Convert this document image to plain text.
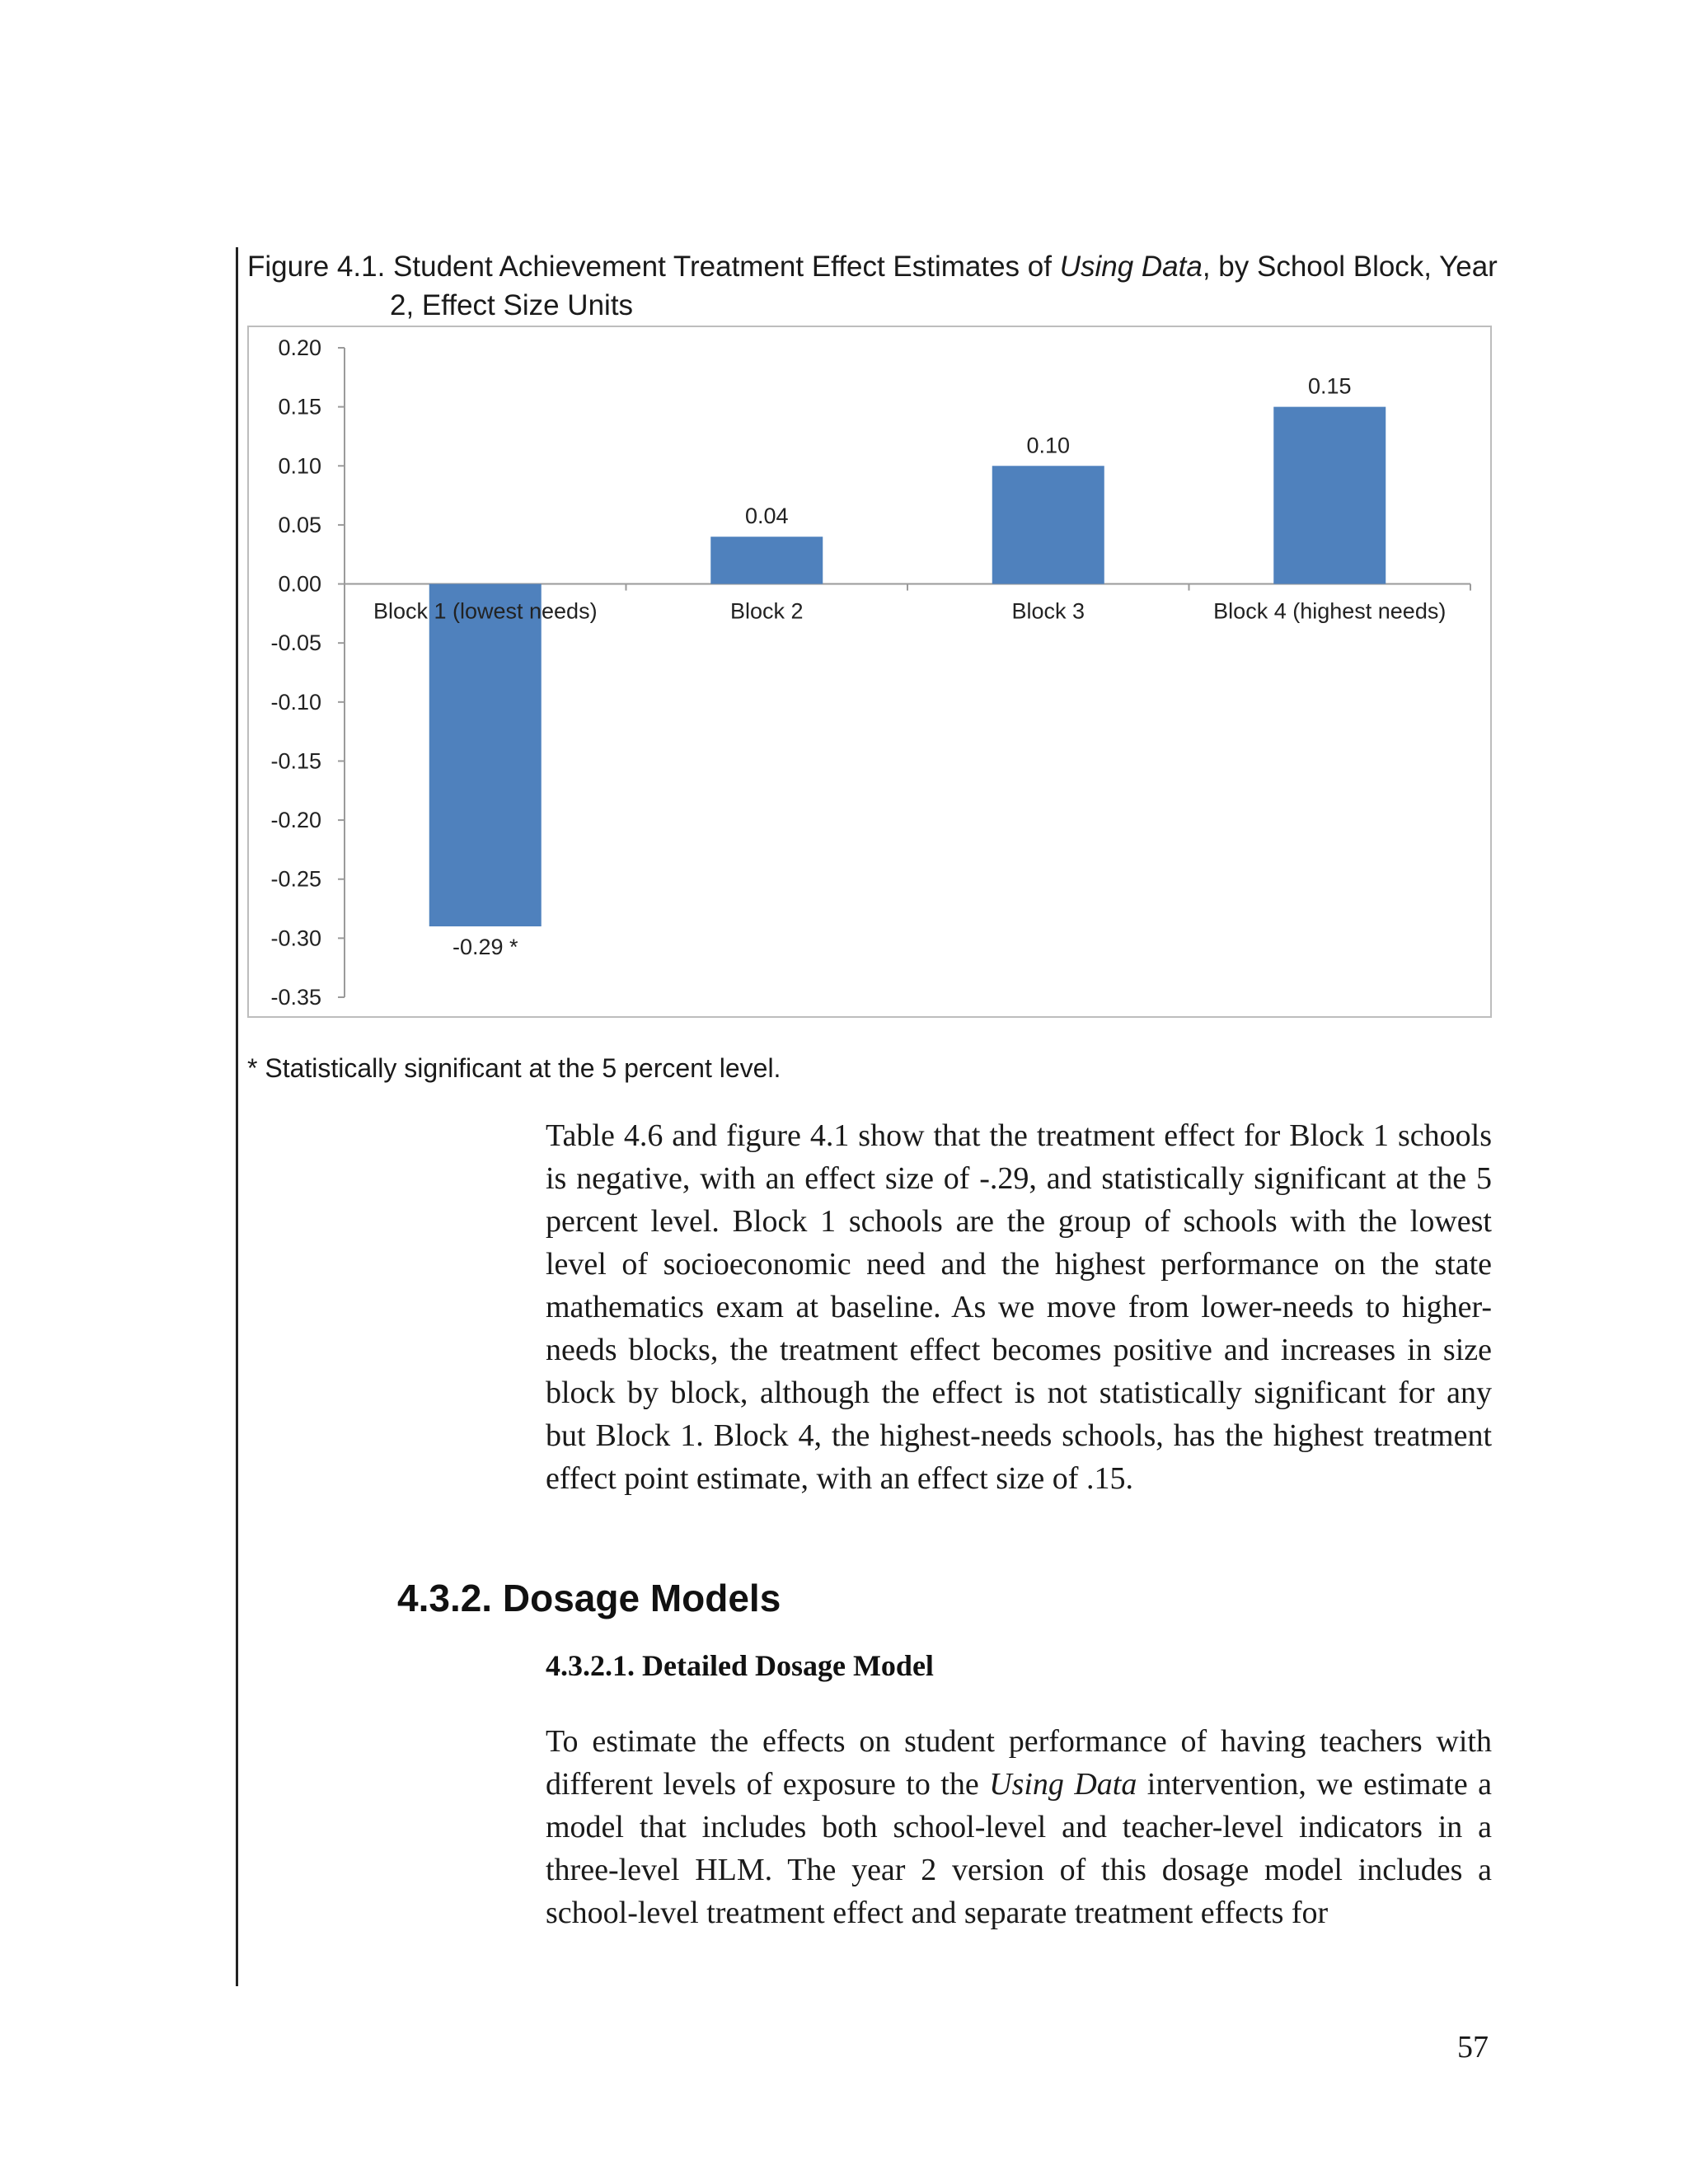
Figure 4.1. Student Achievement Treatment Effect Estimates of Using Data, by School Block, Year
2, Effect Size Units
0.20
0.15
0.10
0.05
0.00
-0.05
-0.10
-0.15
-0.20
-0.25
-0.30
-0.35
-0.29 *
0.04
0.10
0.15
Block 1 (lowest needs)	Block 2	Block 3	Block 4 (highest needs)
* Statistically significant at the 5 percent level.

Table 4.6 and figure 4.1 show that the treatment effect for Block 1 schools is negative, with an effect size of -.29, and statistically significant at the 5 percent level. Block 1 schools are the group of schools with the lowest level of socioeconomic need and the highest performance on the state mathematics exam at baseline. As we move from lower-needs to higher-needs blocks, the treatment effect becomes positive and increases in size block by block, although the effect is not statistically significant for any but Block 1. Block 4, the highest-needs schools, has the highest treatment effect point estimate, with an effect size of .15.

4.3.2. Dosage Models
4.3.2.1. Detailed Dosage Model

To estimate the effects on student performance of having teachers with different levels of exposure to the Using Data intervention, we estimate a model that includes both school-level and teacher-level indicators in a three-level HLM. The year 2 version of this dosage model includes a school-level treatment effect and separate treatment effects for

57
